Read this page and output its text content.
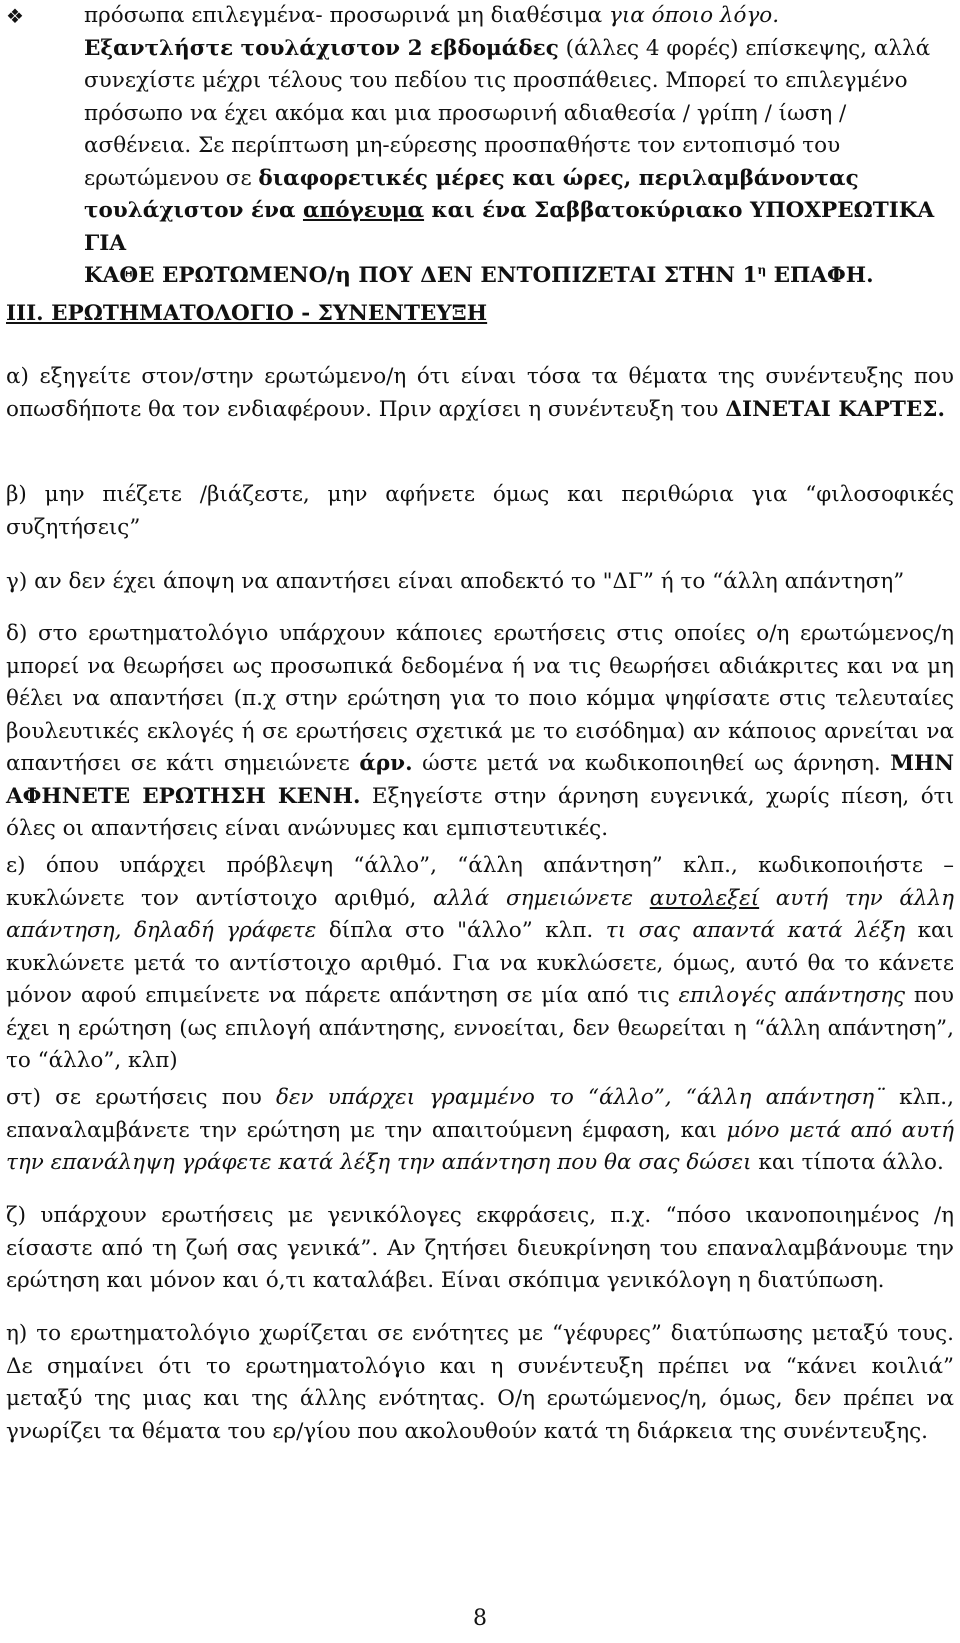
❖	πρόσωπα επιλεγμένα- προσωρινά μη διαθέσιμα για όποιο λόγο.
Εξαντλήστε τουλάχιστον 2 εβδομάδες (άλλες 4 φορές) επίσκεψης, αλλά
συνεχίστε μέχρι τέλους του πεδίου τις προσπάθειες. Μπορεί το επιλεγμένο
πρόσωπο να έχει ακόμα και μια προσωρινή αδιαθεσία / γρίπη / ίωση /
ασθένεια. Σε περίπτωση μη-εύρεσης προσπαθήστε τον εντοπισμό του
ερωτώμενου σε διαφορετικές μέρες και ώρες, περιλαμβάνοντας
τουλάχιστον ένα απόγευμα και ένα Σαββατοκύριακο ΥΠΟΧΡΕΩΤΙΚΑ ΓΙΑ
ΚΑΘΕ ΕΡΩΤΩΜΕΝΟ/η ΠΟΥ ΔΕΝ ΕΝΤΟΠΙΖΕΤΑΙ ΣΤΗΝ $1^\eta$ ΕΠΑΦΗ.
III. ΕΡΩΤΗΜΑΤΟΛΟΓΙΟ - ΣΥΝΕΝΤΕΥΞΗ

α) εξηγείτε στον/στην ερωτώμενο/η ότι είναι τόσα τα θέματα της συνέντευξης που οπωσδήποτε θα τον ενδιαφέρουν. Πριν αρχίσει η συνέντευξη του ΔΙΝΕΤΑΙ ΚΑΡΤΕΣ.

β) μην πιέζετε /βιάζεστε, μην αφήνετε όμως και περιθώρια για “φιλοσοφικές συζητήσεις”

γ) αν δεν έχει άποψη να απαντήσει είναι αποδεκτό το "ΔΓ” ή το “άλλη απάντηση”

δ) στο ερωτηματολόγιο υπάρχουν κάποιες ερωτήσεις στις οποίες ο/η ερωτώμενος/η μπορεί να θεωρήσει ως προσωπικά δεδομένα ή να τις θεωρήσει αδιάκριτες και να μη θέλει να απαντήσει (π.χ στην ερώτηση για το ποιο κόμμα ψηφίσατε στις τελευταίες βουλευτικές εκλογές ή σε ερωτήσεις σχετικά με το εισόδημα) αν κάποιος αρνείται να απαντήσει σε κάτι σημειώνετε άρν. ώστε μετά να κωδικοποιηθεί ως άρνηση. ΜΗΝ ΑΦΗΝΕΤΕ ΕΡΩΤΗΣΗ ΚΕΝΗ. Εξηγείστε στην άρνηση ευγενικά, χωρίς πίεση, ότι όλες οι απαντήσεις είναι ανώνυμες και εμπιστευτικές.

ε) όπου υπάρχει πρόβλεψη “άλλο”, “άλλη απάντηση” κλπ., κωδικοποιήστε – κυκλώνετε τον αντίστοιχο αριθμό, αλλά σημειώνετε αυτολεξεί αυτή την άλλη απάντηση, δηλαδή γράφετε δίπλα στο "άλλο” κλπ. τι σας απαντά κατά λέξη και κυκλώνετε μετά το αντίστοιχο αριθμό. Για να κυκλώσετε, όμως, αυτό θα το κάνετε μόνον αφού επιμείνετε να πάρετε απάντηση σε μία από τις επιλογές απάντησης που έχει η ερώτηση (ως επιλογή απάντησης, εννοείται, δεν θεωρείται η “άλλη απάντηση”, το “άλλο”, κλπ)

στ) σε ερωτήσεις που δεν υπάρχει γραμμένο το “άλλο”, “άλλη απάντηση¨ κλπ., επαναλαμβάνετε την ερώτηση με την απαιτούμενη έμφαση, και μόνο μετά από αυτή την επανάληψη γράφετε κατά λέξη την απάντηση που θα σας δώσει και τίποτα άλλο.

ζ) υπάρχουν ερωτήσεις με γενικόλογες εκφράσεις, π.χ. “πόσο ικανοποιημένος /η είσαστε από τη ζωή σας γενικά”. Αν ζητήσει διευκρίνηση του επαναλαμβάνουμε την ερώτηση και μόνον και ό,τι καταλάβει. Είναι σκόπιμα γενικόλογη η διατύπωση.

η) το ερωτηματολόγιο χωρίζεται σε ενότητες με “γέφυρες” διατύπωσης μεταξύ τους. Δε σημαίνει ότι το ερωτηματολόγιο και η συνέντευξη πρέπει να “κάνει κοιλιά” μεταξύ της μιας και της άλλης ενότητας. Ο/η ερωτώμενος/η, όμως, δεν πρέπει να γνωρίζει τα θέματα του ερ/γίου που ακολουθούν κατά τη διάρκεια της συνέντευξης.

8
